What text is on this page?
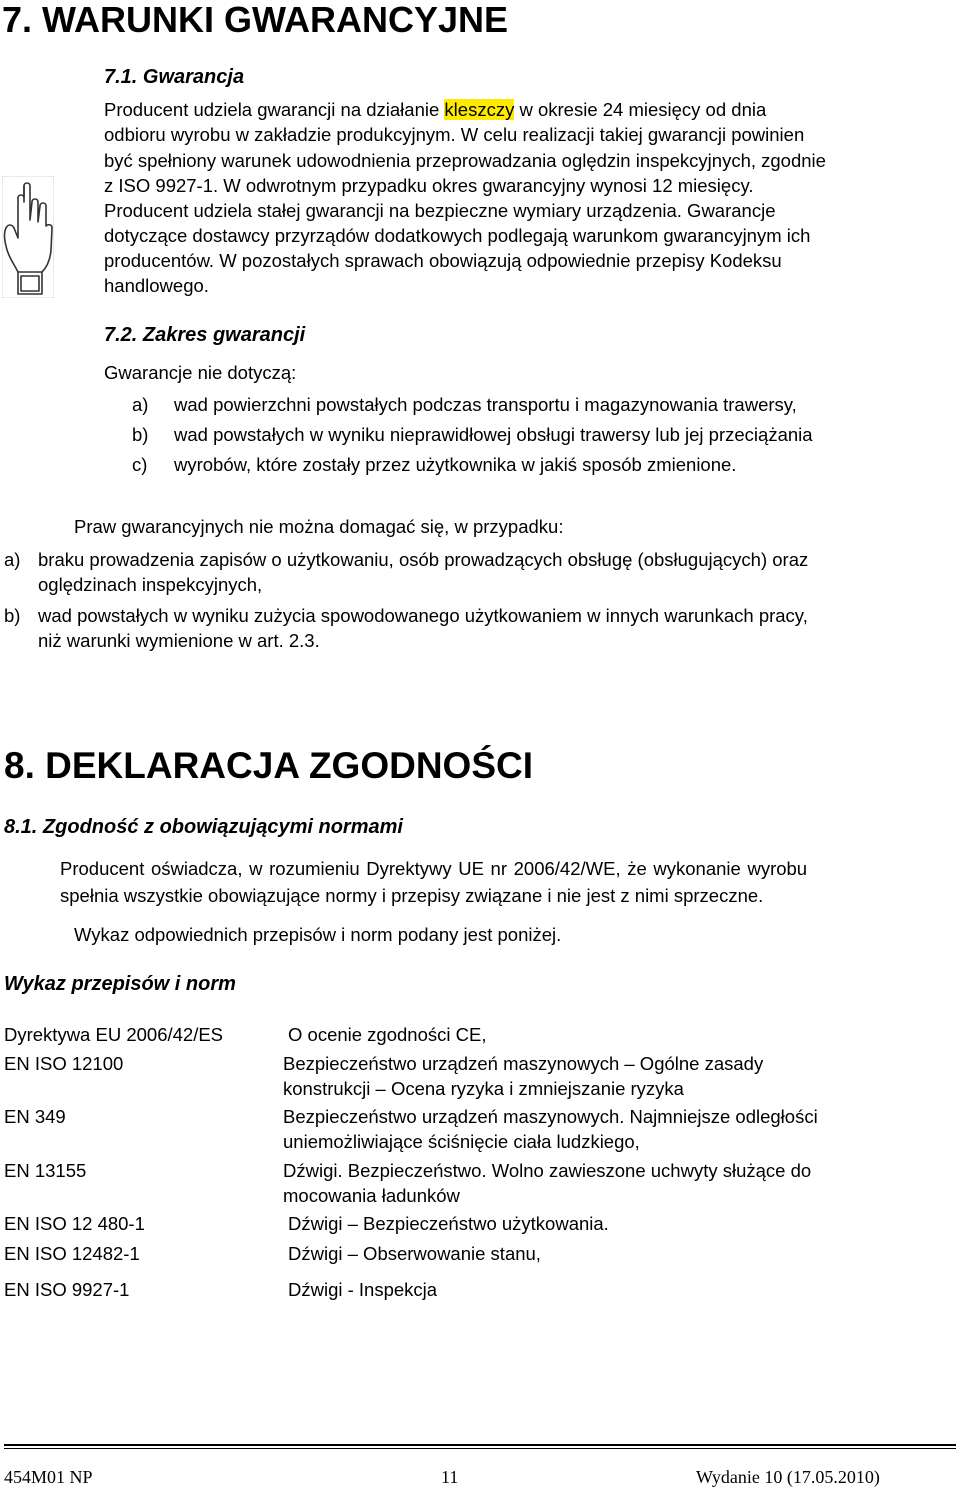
7. WARUNKI GWARANCYJNE
7.1. Gwarancja
Producent udziela gwarancji na działanie kleszczy w okresie 24 miesięcy od dnia
odbioru wyrobu w zakładzie produkcyjnym. W celu realizacji takiej gwarancji powinien
być spełniony warunek udowodnienia przeprowadzania oględzin inspekcyjnych, zgodnie
z ISO 9927-1. W odwrotnym przypadku okres gwarancyjny wynosi 12 miesięcy.
Producent udziela stałej gwarancji na bezpieczne wymiary urządzenia. Gwarancje
dotyczące dostawcy przyrządów dodatkowych podlegają warunkom gwarancyjnym ich
producentów. W pozostałych sprawach obowiązują odpowiednie przepisy Kodeksu
handlowego.
7.2. Zakres gwarancji
Gwarancje nie dotyczą:
a) wad powierzchni powstałych podczas transportu i magazynowania trawersy,
b) wad powstałych w wyniku nieprawidłowej obsługi trawersy lub jej przeciążania
c) wyrobów, które zostały przez użytkownika w jakiś sposób zmienione.
Praw gwarancyjnych nie można domagać się, w przypadku:
a) braku prowadzenia zapisów o użytkowaniu, osób prowadzących obsługę (obsługujących) oraz
oględzinach inspekcyjnych,
b) wad powstałych w wyniku zużycia spowodowanego użytkowaniem w innych warunkach pracy,
niż warunki wymienione w art. 2.3.
8. DEKLARACJA ZGODNOŚCI
8.1. Zgodność z obowiązującymi normami
Producent oświadcza, w rozumieniu Dyrektywy UE nr 2006/42/WE, że wykonanie wyrobu
spełnia wszystkie obowiązujące normy i przepisy związane i nie jest z nimi sprzeczne.
Wykaz odpowiednich przepisów i norm podany jest poniżej.
Wykaz przepisów i norm
Dyrektywa EU 2006/42/ES	O ocenie zgodności CE,
EN ISO 12100	Bezpieczeństwo urządzeń maszynowych – Ogólne zasady
konstrukcji – Ocena ryzyka i zmniejszanie ryzyka
EN 349	Bezpieczeństwo urządzeń maszynowych. Najmniejsze odległości
uniemożliwiające ściśnięcie ciała ludzkiego,
EN 13155	Dźwigi. Bezpieczeństwo. Wolno zawieszone uchwyty służące do
mocowania ładunków
EN ISO 12 480-1	Dźwigi – Bezpieczeństwo użytkowania.
EN ISO 12482-1	Dźwigi – Obserwowanie stanu,
EN ISO 9927-1	Dźwigi - Inspekcja
454M01 NP	11	Wydanie 10 (17.05.2010)
